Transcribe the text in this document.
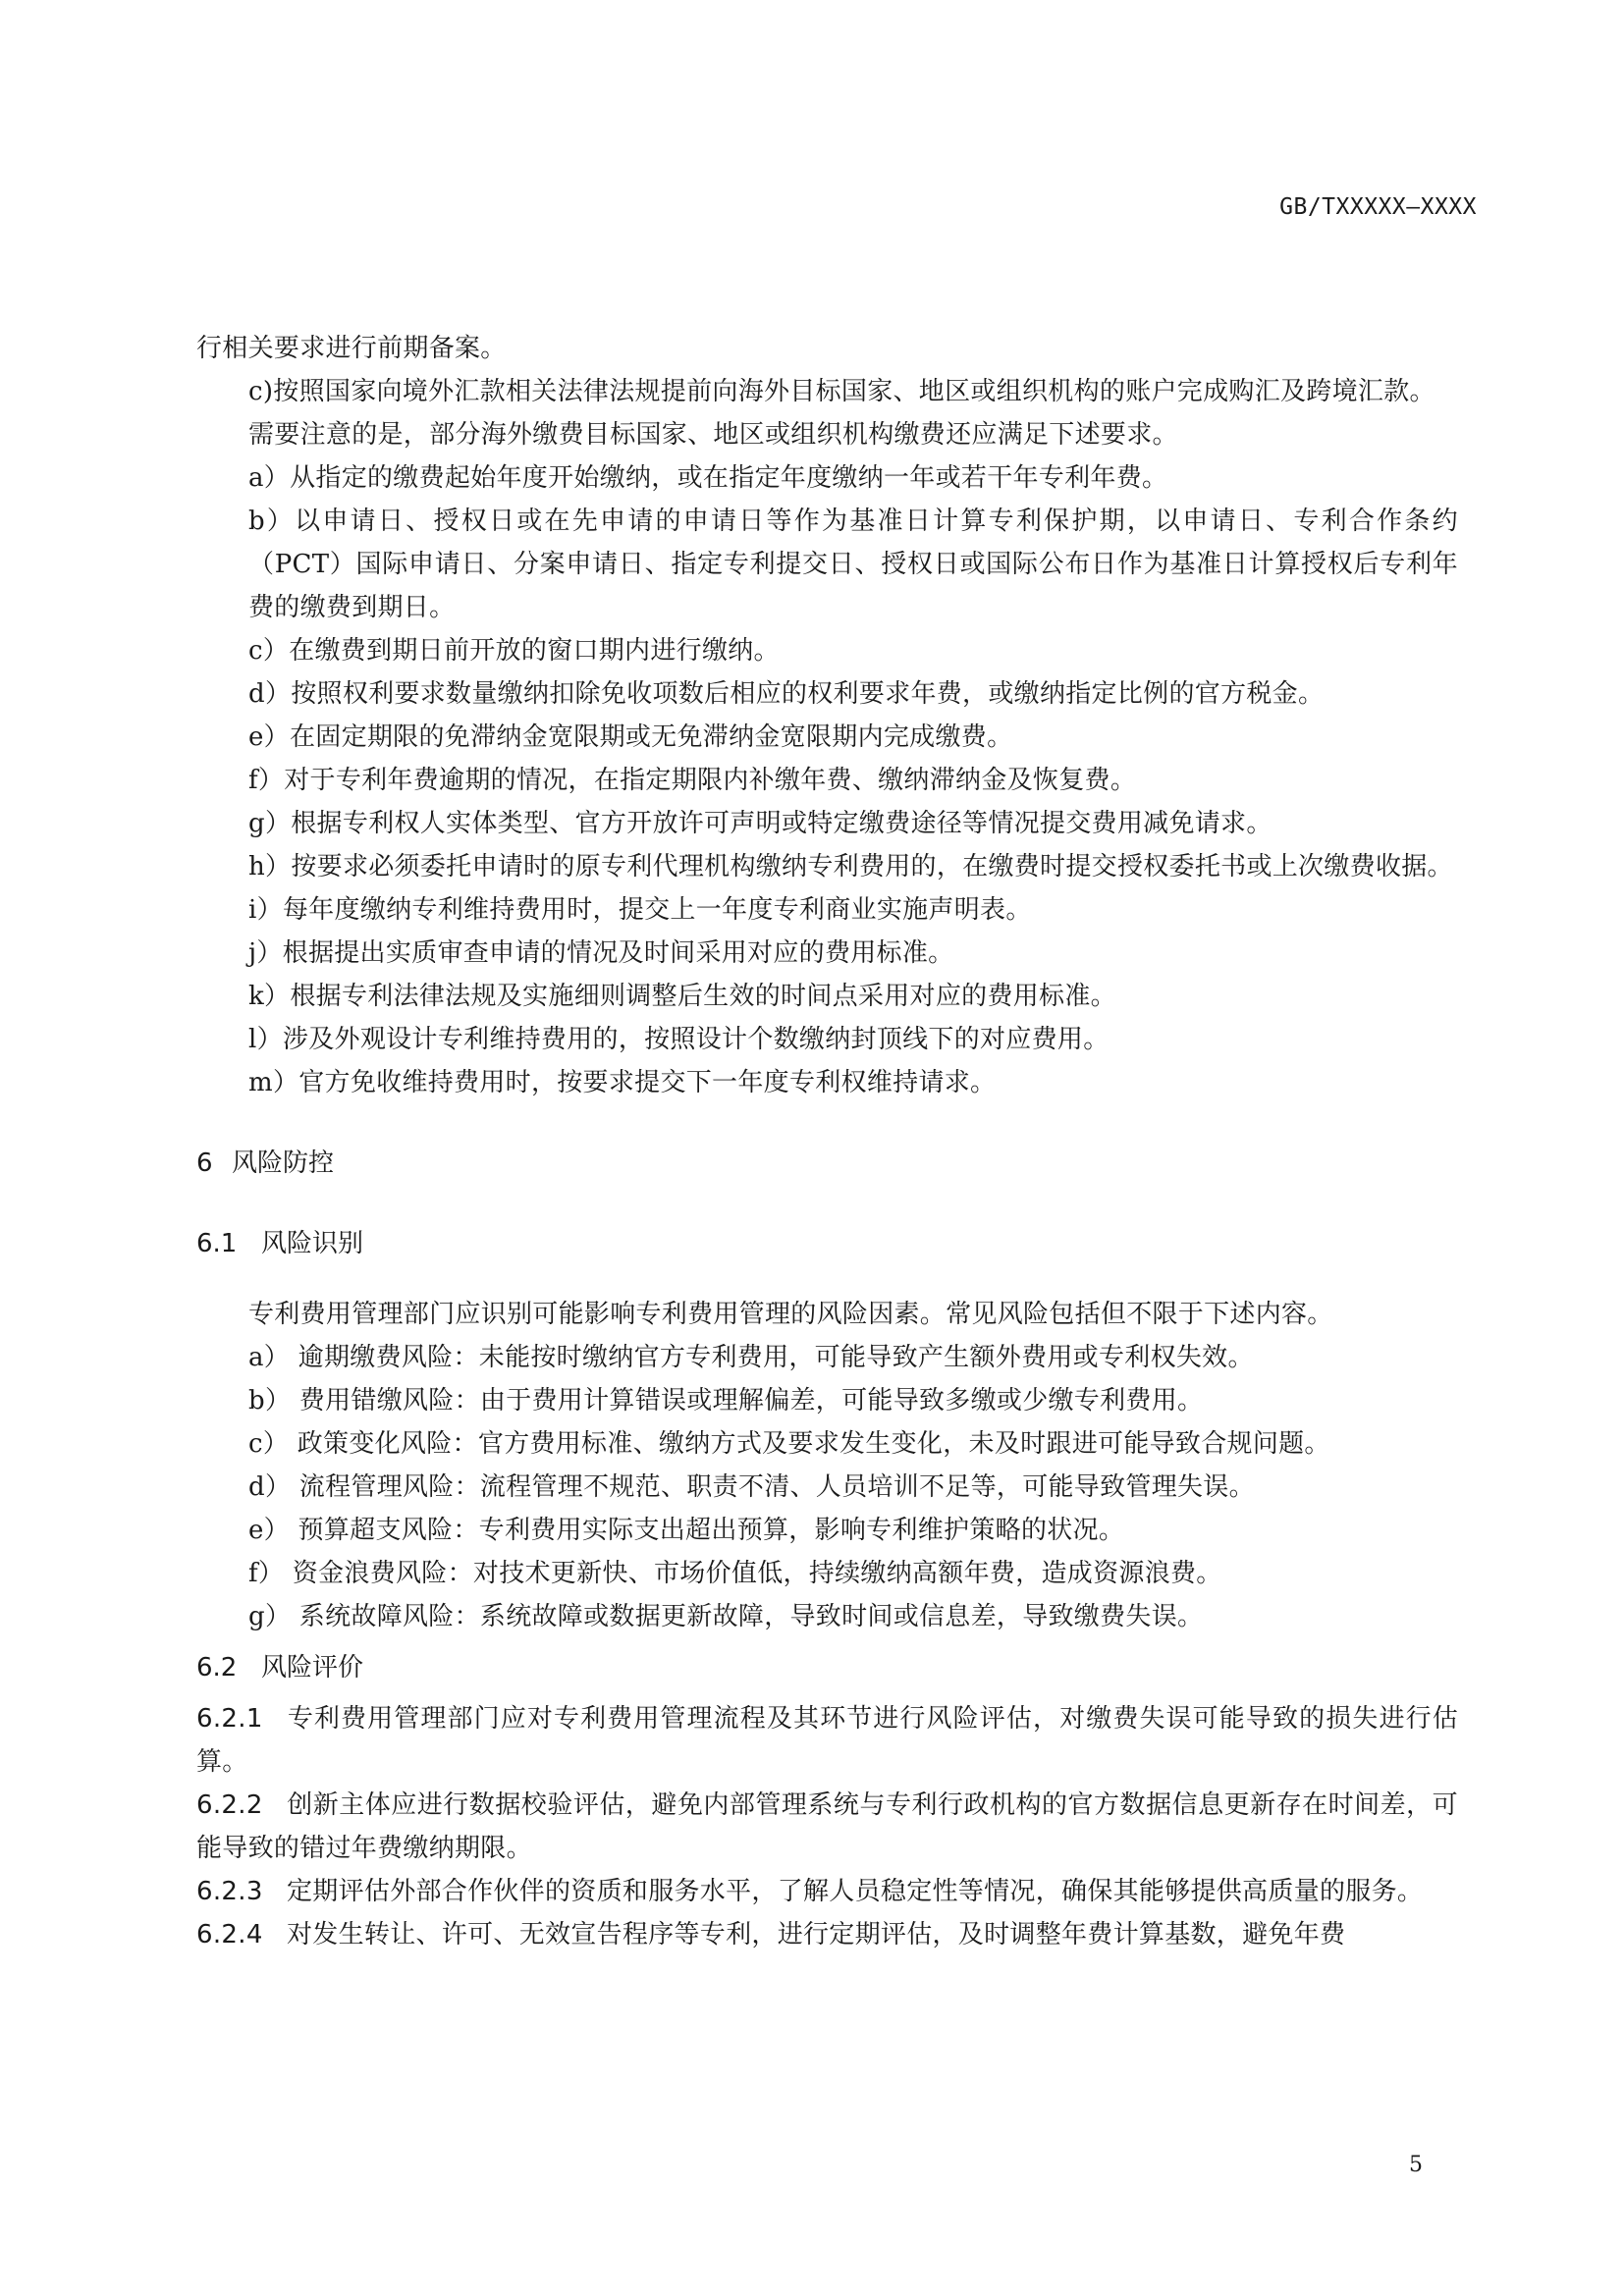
GB/TXXXXX—XXXX

行相关要求进行前期备案。

c)按照国家向境外汇款相关法律法规提前向海外目标国家、地区或组织机构的账户完成购汇及跨境汇款。

需要注意的是，部分海外缴费目标国家、地区或组织机构缴费还应满足下述要求。

a）从指定的缴费起始年度开始缴纳，或在指定年度缴纳一年或若干年专利年费。

b）以申请日、授权日或在先申请的申请日等作为基准日计算专利保护期，以申请日、专利合作条约（PCT）国际申请日、分案申请日、指定专利提交日、授权日或国际公布日作为基准日计算授权后专利年费的缴费到期日。

c）在缴费到期日前开放的窗口期内进行缴纳。

d）按照权利要求数量缴纳扣除免收项数后相应的权利要求年费，或缴纳指定比例的官方税金。

e）在固定期限的免滞纳金宽限期或无免滞纳金宽限期内完成缴费。

f）对于专利年费逾期的情况，在指定期限内补缴年费、缴纳滞纳金及恢复费。

g）根据专利权人实体类型、官方开放许可声明或特定缴费途径等情况提交费用减免请求。

h）按要求必须委托申请时的原专利代理机构缴纳专利费用的，在缴费时提交授权委托书或上次缴费收据。

i）每年度缴纳专利维持费用时，提交上一年度专利商业实施声明表。

j）根据提出实质审查申请的情况及时间采用对应的费用标准。

k）根据专利法律法规及实施细则调整后生效的时间点采用对应的费用标准。

l）涉及外观设计专利维持费用的，按照设计个数缴纳封顶线下的对应费用。

m）官方免收维持费用时，按要求提交下一年度专利权维持请求。

6 风险防控
6.1 风险识别

专利费用管理部门应识别可能影响专利费用管理的风险因素。常见风险包括但不限于下述内容。

a） 逾期缴费风险：未能按时缴纳官方专利费用，可能导致产生额外费用或专利权失效。

b） 费用错缴风险：由于费用计算错误或理解偏差，可能导致多缴或少缴专利费用。

c） 政策变化风险：官方费用标准、缴纳方式及要求发生变化，未及时跟进可能导致合规问题。

d） 流程管理风险：流程管理不规范、职责不清、人员培训不足等，可能导致管理失误。

e） 预算超支风险：专利费用实际支出超出预算，影响专利维护策略的状况。

f） 资金浪费风险：对技术更新快、市场价值低，持续缴纳高额年费，造成资源浪费。

g） 系统故障风险：系统故障或数据更新故障，导致时间或信息差，导致缴费失误。

6.2 风险评价

6.2.1 专利费用管理部门应对专利费用管理流程及其环节进行风险评估，对缴费失误可能导致的损失进行估算。

6.2.2 创新主体应进行数据校验评估，避免内部管理系统与专利行政机构的官方数据信息更新存在时间差，可能导致的错过年费缴纳期限。

6.2.3 定期评估外部合作伙伴的资质和服务水平，了解人员稳定性等情况，确保其能够提供高质量的服务。

6.2.4 对发生转让、许可、无效宣告程序等专利，进行定期评估，及时调整年费计算基数，避免年费

5
